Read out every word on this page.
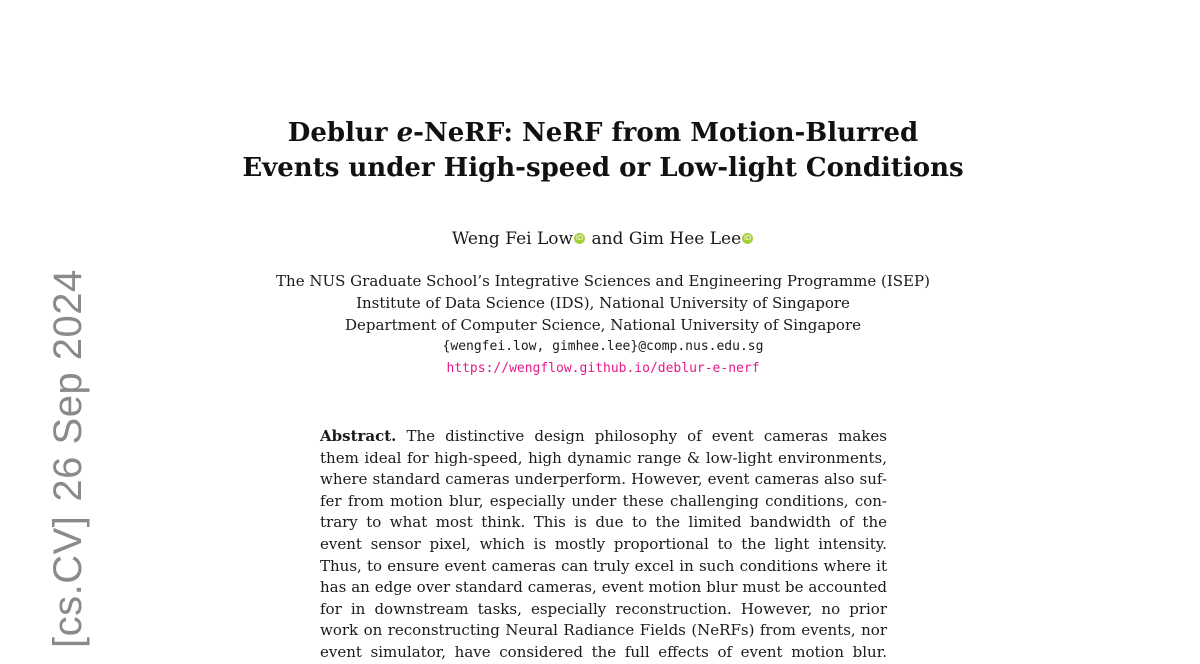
[cs.CV]26 Sep 2024
Deblur e-NeRF: NeRF from Motion-Blurred
Events under High-speed or Low-light Conditions
Weng Fei Low iD and Gim Hee Lee iD
The NUS Graduate School’s Integrative Sciences and Engineering Programme (ISEP)
Institute of Data Science (IDS), National University of Singapore
Department of Computer Science, National University of Singapore
{wengfei.low, gimhee.lee}@comp.nus.edu.sg
https://wengflow.github.io/deblur-e-nerf
Abstract. The distinctive design philosophy of event cameras makes
them ideal for high-speed, high dynamic range & low-light environments,
where standard cameras underperform. However, event cameras also suf-
fer from motion blur, especially under these challenging conditions, con-
trary to what most think. This is due to the limited bandwidth of the
event sensor pixel, which is mostly proportional to the light intensity.
Thus, to ensure event cameras can truly excel in such conditions where it
has an edge over standard cameras, event motion blur must be accounted
for in downstream tasks, especially reconstruction. However, no prior
work on reconstructing Neural Radiance Fields (NeRFs) from events, nor
event simulator, have considered the full effects of event motion blur.
